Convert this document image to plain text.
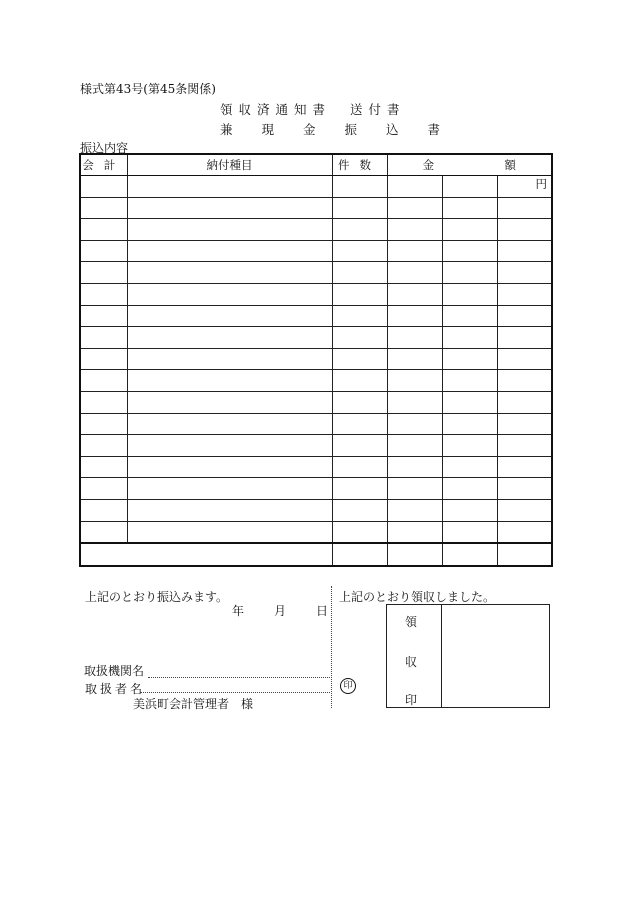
様式第43号(第45条関係)
領収済通知書 送付書
兼現金振込書
振込内容
会計	納付種目	件数	金 額		

					円

上記のとおり振込みます。
年	月	日
取扱機関名
取扱者名	印
美浜町会計管理者　様
上記のとおり領収しました。
領
収
印
